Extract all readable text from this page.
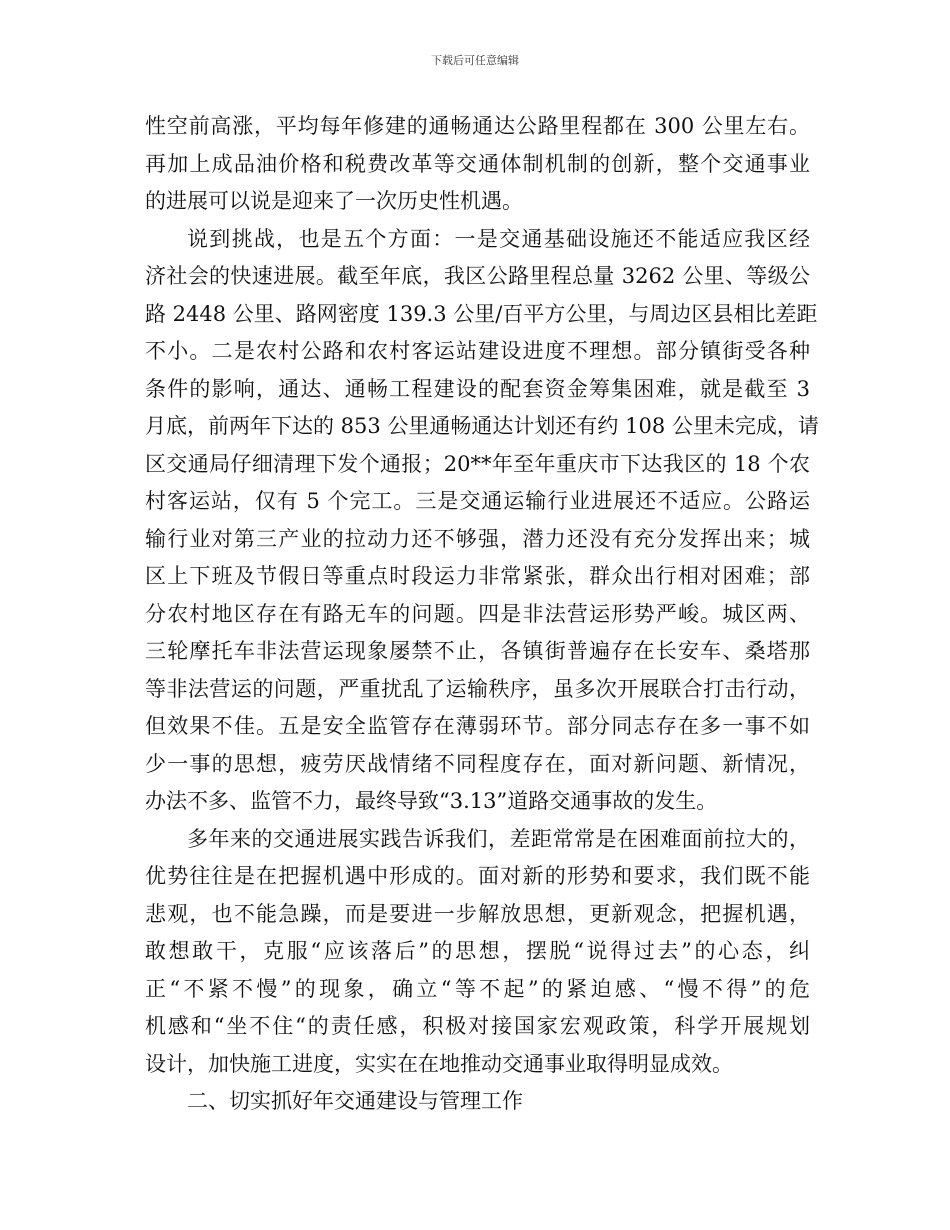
下载后可任意编辑
性空前高涨，平均每年修建的通畅通达公路里程都在 300 公里左右。
再加上成品油价格和税费改革等交通体制机制的创新，整个交通事业
的进展可以说是迎来了一次历史性机遇。
说到挑战，也是五个方面：一是交通基础设施还不能适应我区经
济社会的快速进展。截至年底，我区公路里程总量 3262 公里、等级公
路 2448 公里、路网密度 139.3 公里/百平方公里，与周边区县相比差距
不小。二是农村公路和农村客运站建设进度不理想。部分镇街受各种
条件的影响，通达、通畅工程建设的配套资金筹集困难，就是截至 3
月底，前两年下达的 853 公里通畅通达计划还有约 108 公里未完成，请
区交通局仔细清理下发个通报；20**年至年重庆市下达我区的 18 个农
村客运站，仅有 5 个完工。三是交通运输行业进展还不适应。公路运
输行业对第三产业的拉动力还不够强，潜力还没有充分发挥出来；城
区上下班及节假日等重点时段运力非常紧张，群众出行相对困难；部
分农村地区存在有路无车的问题。四是非法营运形势严峻。城区两、
三轮摩托车非法营运现象屡禁不止，各镇街普遍存在长安车、桑塔那
等非法营运的问题，严重扰乱了运输秩序，虽多次开展联合打击行动，
但效果不佳。五是安全监管存在薄弱环节。部分同志存在多一事不如
少一事的思想，疲劳厌战情绪不同程度存在，面对新问题、新情况，
办法不多、监管不力，最终导致“3.13”道路交通事故的发生。
多年来的交通进展实践告诉我们，差距常常是在困难面前拉大的，
优势往往是在把握机遇中形成的。面对新的形势和要求，我们既不能
悲观，也不能急躁，而是要进一步解放思想，更新观念，把握机遇，
敢想敢干，克服“应该落后”的思想，摆脱“说得过去”的心态，纠
正“不紧不慢”的现象，确立“等不起”的紧迫感、“慢不得”的危
机感和“坐不住“的责任感，积极对接国家宏观政策，科学开展规划
设计，加快施工进度，实实在在地推动交通事业取得明显成效。
二、切实抓好年交通建设与管理工作
